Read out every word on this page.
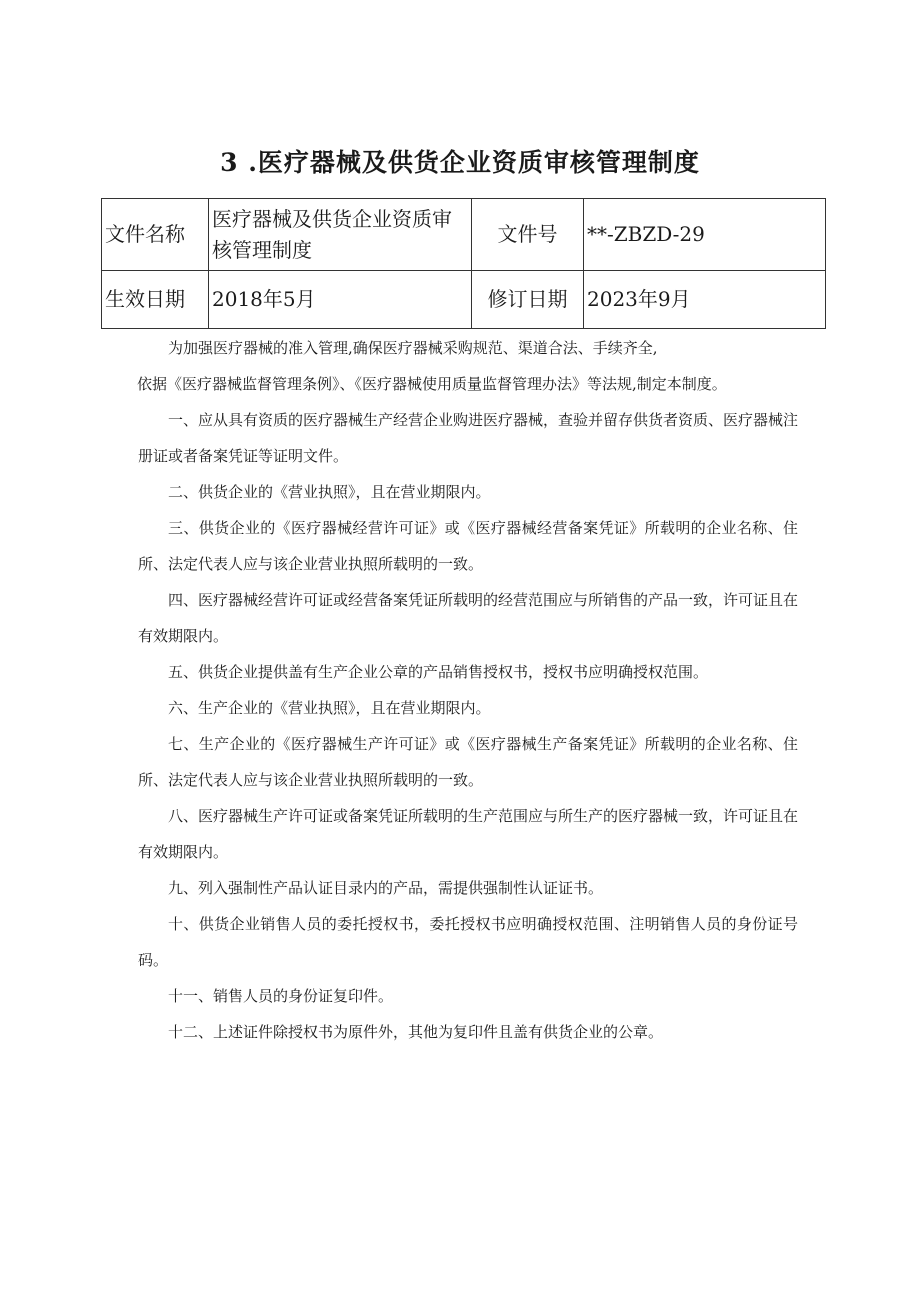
3 .医疗器械及供货企业资质审核管理制度
文件名称	医疗器械及供货企业资质审核管理制度	文件号	**-ZBZD-29
生效日期	2018年5月	修订日期	2023年9月

为加强医疗器械的准入管理,确保医疗器械采购规范、渠道合法、手续齐全,

依据《医疗器械监督管理条例》、《医疗器械使用质量监督管理办法》等法规,制定本制度。

一、应从具有资质的医疗器械生产经营企业购进医疗器械，查验并留存供货者资质、医疗器械注册证或者备案凭证等证明文件。

二、供货企业的《营业执照》，且在营业期限内。

三、供货企业的《医疗器械经营许可证》或《医疗器械经营备案凭证》所载明的企业名称、住所、法定代表人应与该企业营业执照所载明的一致。

四、医疗器械经营许可证或经营备案凭证所载明的经营范围应与所销售的产品一致，许可证且在有效期限内。

五、供货企业提供盖有生产企业公章的产品销售授权书，授权书应明确授权范围。

六、生产企业的《营业执照》，且在营业期限内。

七、生产企业的《医疗器械生产许可证》或《医疗器械生产备案凭证》所载明的企业名称、住所、法定代表人应与该企业营业执照所载明的一致。

八、医疗器械生产许可证或备案凭证所载明的生产范围应与所生产的医疗器械一致，许可证且在有效期限内。

九、列入强制性产品认证目录内的产品，需提供强制性认证证书。

十、供货企业销售人员的委托授权书，委托授权书应明确授权范围、注明销售人员的身份证号码。

十一、销售人员的身份证复印件。

十二、上述证件除授权书为原件外，其他为复印件且盖有供货企业的公章。
